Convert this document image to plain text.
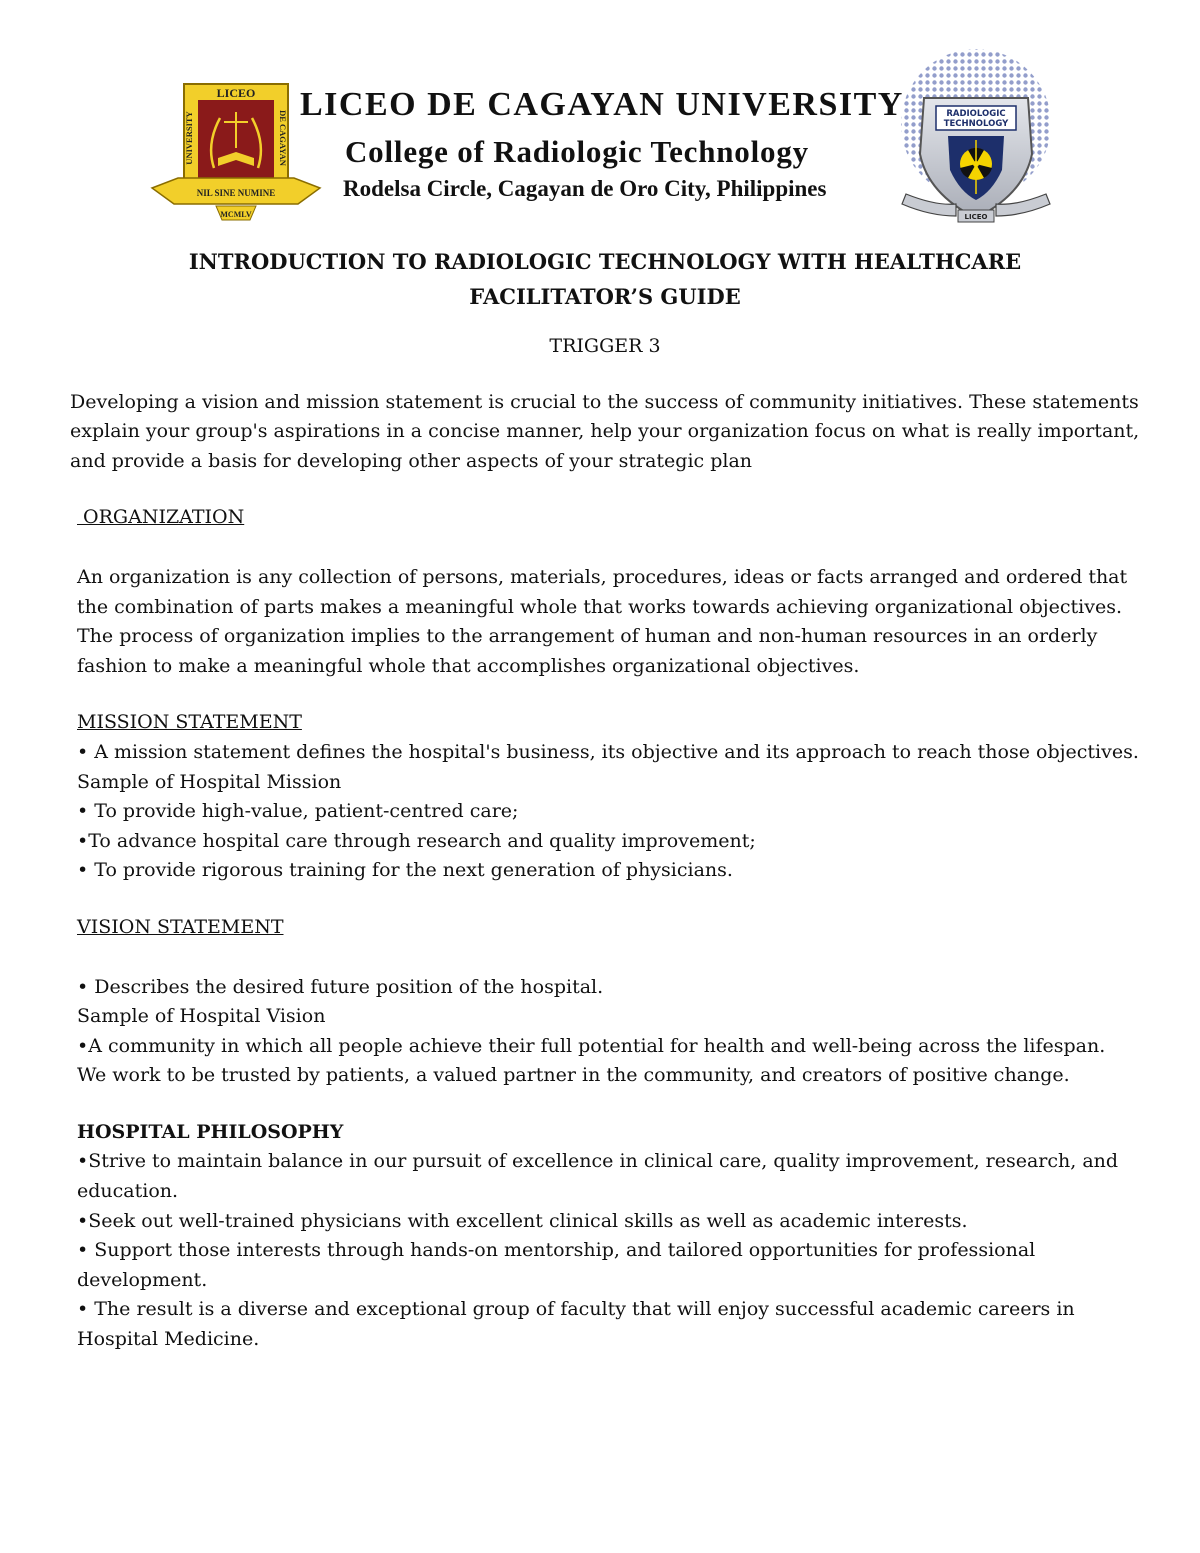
LICEO
UNIVERSITY	DE CAGAYAN
NIL SINE NUMINE
MCMLV
LICEO DE CAGAYAN UNIVERSITY
College of Radiologic Technology
Rodelsa Circle, Cagayan de Oro City, Philippines
RADIOLOGIC
TECHNOLOGY
LICEO
INTRODUCTION TO RADIOLOGIC TECHNOLOGY WITH HEALTHCARE
FACILITATOR’S GUIDE
TRIGGER 3

Developing a vision and mission statement is crucial to the success of community initiatives. These statements explain your group's aspirations in a concise manner, help your organization focus on what is really important, and provide a basis for developing other aspects of your strategic plan

ORGANIZATION

An organization is any collection of persons, materials, procedures, ideas or facts arranged and ordered that the combination of parts makes a meaningful whole that works towards achieving organizational objectives.

The process of organization implies to the arrangement of human and non-human resources in an orderly fashion to make a meaningful whole that accomplishes organizational objectives.

MISSION STATEMENT

• A mission statement defines the hospital's business, its objective and its approach to reach those objectives.

Sample of Hospital Mission

• To provide high-value, patient-centred care;

•To advance hospital care through research and quality improvement;

• To provide rigorous training for the next generation of physicians.

VISION STATEMENT

• Describes the desired future position of the hospital.

Sample of Hospital Vision

•A community in which all people achieve their full potential for health and well-being across the lifespan. We work to be trusted by patients, a valued partner in the community, and creators of positive change.

HOSPITAL PHILOSOPHY

•Strive to maintain balance in our pursuit of excellence in clinical care, quality improvement, research, and education.

•Seek out well-trained physicians with excellent clinical skills as well as academic interests.

• Support those interests through hands-on mentorship, and tailored opportunities for professional development.

• The result is a diverse and exceptional group of faculty that will enjoy successful academic careers in Hospital Medicine.
